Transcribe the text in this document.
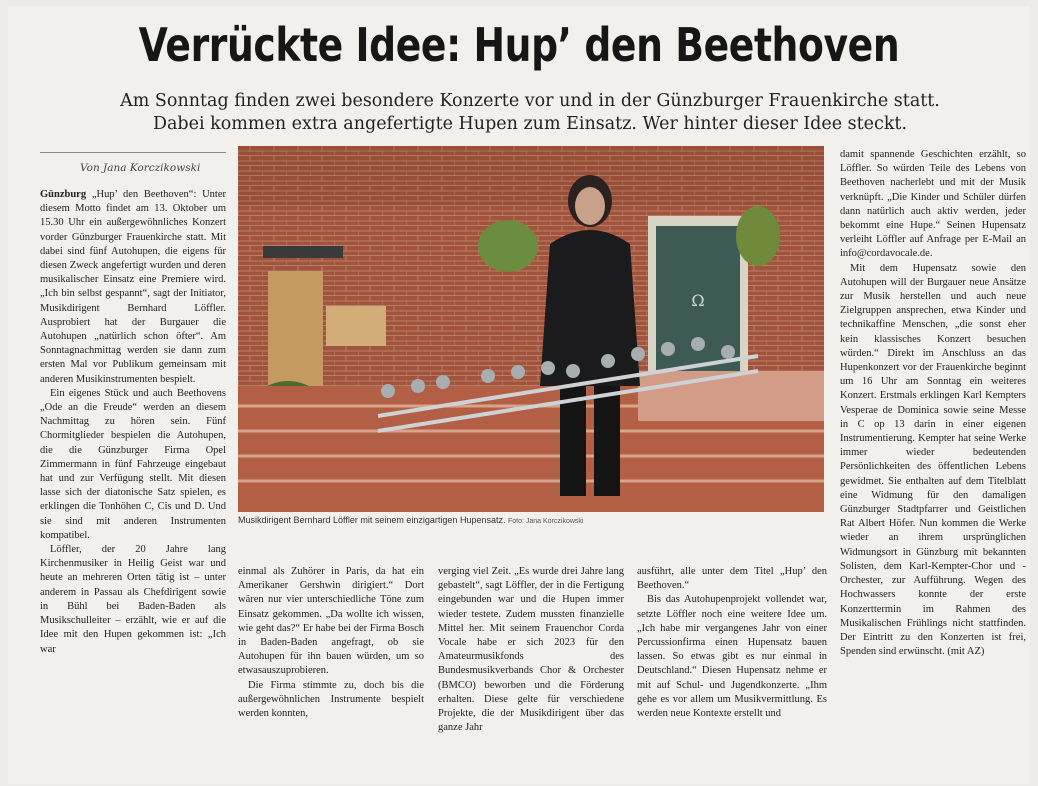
Verrückte Idee: Hup’ den Beethoven
Am Sonntag finden zwei besondere Konzerte vor und in der Günzburger Frauenkirche statt.
Dabei kommen extra angefertigte Hupen zum Einsatz. Wer hinter dieser Idee steckt.
Von Jana Korczikowski

Günzburg „Hup’ den Beethoven“: Unter diesem Motto findet am 13. Oktober um 15.30 Uhr ein außergewöhnliches Konzert vorder Günzburger Frauenkirche statt. Mit dabei sind fünf Autohupen, die eigens für diesen Zweck angefertigt wurden und deren musikalischer Einsatz eine Premiere wird. „Ich bin selbst gespannt“, sagt der Initiator, Musikdirigent Bernhard Löffler. Ausprobiert hat der Burgauer die Autohupen „natürlich schon öfter“. Am Sonntagnachmittag werden sie dann zum ersten Mal vor Publikum gemeinsam mit anderen Musikinstrumenten bespielt.

Ein eigenes Stück und auch Beethovens „Ode an die Freude“ werden an diesem Nachmittag zu hören sein. Fünf Chormitglieder bespielen die Autohupen, die die Günzburger Firma Opel Zimmermann in fünf Fahrzeuge eingebaut hat und zur Verfügung stellt. Mit diesen lasse sich der diatonische Satz spielen, es erklingen die Tonhöhen C, Cis und D. Und sie sind mit anderen Instrumenten kompatibel.

Löffler, der 20 Jahre lang Kirchenmusiker in Heilig Geist war und heute an mehreren Orten tätig ist – unter anderem in Passau als Chefdirigent sowie in Bühl bei Baden-Baden als Musikschulleiter – erzählt, wie er auf die Idee mit den Hupen gekommen ist: „Ich war

Ω
Musikdirigent Bernhard Löffler mit seinem einzigartigen Hupensatz. Foto: Jana Korczikowski

einmal als Zuhörer in Paris, da hat ein Amerikaner Gershwin dirigiert.“ Dort wären nur vier unterschiedliche Töne zum Einsatz gekommen. „Da wollte ich wissen, wie geht das?“ Er habe bei der Firma Bosch in Baden-Baden angefragt, ob sie Autohupen für ihn bauen würden, um so etwasauszuprobieren.

Die Firma stimmte zu, doch bis die außergewöhnlichen Instrumente bespielt werden konnten,

verging viel Zeit. „Es wurde drei Jahre lang gebastelt“, sagt Löffler, der in die Fertigung eingebunden war und die Hupen immer wieder testete. Zudem mussten finanzielle Mittel her. Mit seinem Frauenchor Corda Vocale habe er sich 2023 für den Amateurmusikfonds des Bundesmusikverbands Chor & Orchester (BMCO) beworben und die Förderung erhalten. Diese gelte für verschiedene Projekte, die der Musikdirigent über das ganze Jahr

ausführt, alle unter dem Titel „Hup’ den Beethoven.“

Bis das Autohupenprojekt vollendet war, setzte Löffler noch eine weitere Idee um. „Ich habe mir vergangenes Jahr von einer Percussionfirma einen Hupensatz bauen lassen. So etwas gibt es nur einmal in Deutschland.“ Diesen Hupensatz nehme er mit auf Schul- und Jugendkonzerte. „Ihm gehe es vor allem um Musikvermittlung. Es werden neue Kontexte erstellt und

damit spannende Geschichten erzählt, so Löffler. So würden Teile des Lebens von Beethoven nacherlebt und mit der Musik verknüpft. „Die Kinder und Schüler dürfen dann natürlich auch aktiv werden, jeder bekommt eine Hupe.“ Seinen Hupensatz verleiht Löffler auf Anfrage per E-Mail an info@cordavocale.de.

Mit dem Hupensatz sowie den Autohupen will der Burgauer neue Ansätze zur Musik herstellen und auch neue Zielgruppen ansprechen, etwa Kinder und technikaffine Menschen, „die sonst eher kein klassisches Konzert besuchen würden.“ Direkt im Anschluss an das Hupenkonzert vor der Frauenkirche beginnt um 16 Uhr am Sonntag ein weiteres Konzert. Erstmals erklingen Karl Kempters Vesperae de Dominica sowie seine Messe in C op 13 darin in einer eigenen Instrumentierung. Kempter hat seine Werke immer wieder bedeutenden Persönlichkeiten des öffentlichen Lebens gewidmet. Sie enthalten auf dem Titelblatt eine Widmung für den damaligen Günzburger Stadtpfarrer und Geistlichen Rat Albert Höfer. Nun kommen die Werke wieder an ihrem ursprünglichen Widmungsort in Günzburg mit bekannten Solisten, dem Karl-Kempter-Chor und -Orchester, zur Aufführung. Wegen des Hochwassers konnte der erste Konzerttermin im Rahmen des Musikalischen Frühlings nicht stattfinden. Der Eintritt zu den Konzerten ist frei, Spenden sind erwünscht. (mit AZ)
